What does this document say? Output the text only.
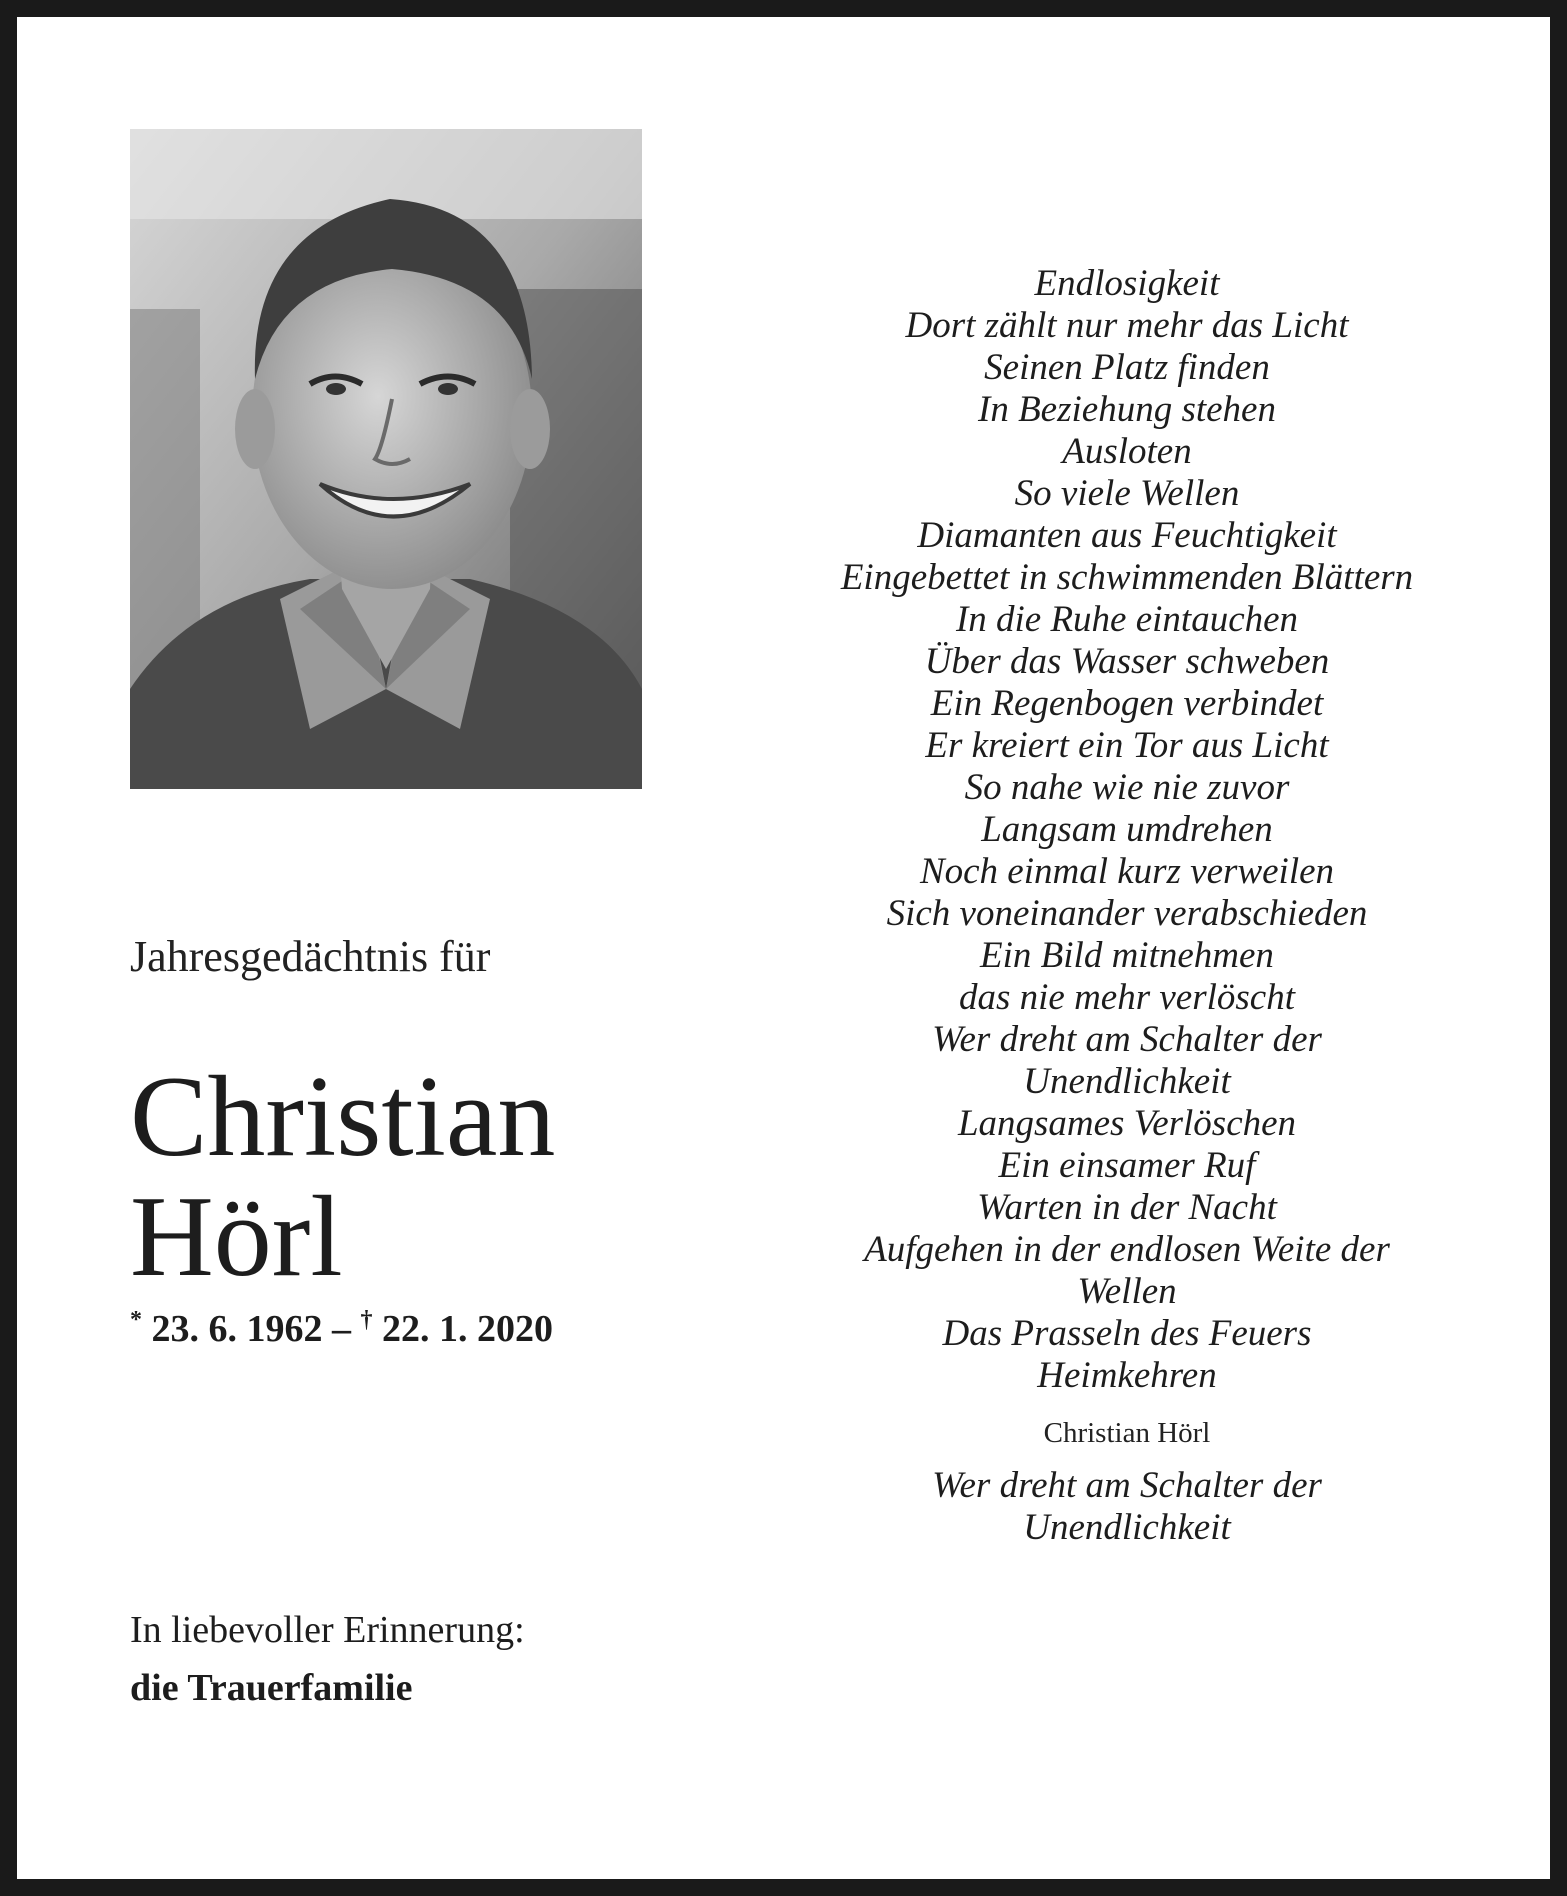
Jahresgedächtnis für
Christian
Hörl
* 23. 6. 1962 – † 22. 1. 2020
In liebevoller Erinnerung:
die Trauerfamilie
Endlosigkeit
Dort zählt nur mehr das Licht
Seinen Platz finden
In Beziehung stehen
Ausloten
So viele Wellen
Diamanten aus Feuchtigkeit
Eingebettet in schwimmenden Blättern
In die Ruhe eintauchen
Über das Wasser schweben
Ein Regenbogen verbindet
Er kreiert ein Tor aus Licht
So nahe wie nie zuvor
Langsam umdrehen
Noch einmal kurz verweilen
Sich voneinander verabschieden
Ein Bild mitnehmen
das nie mehr verlöscht
Wer dreht am Schalter der
Unendlichkeit
Langsames Verlöschen
Ein einsamer Ruf
Warten in der Nacht
Aufgehen in der endlosen Weite der
Wellen
Das Prasseln des Feuers
Heimkehren
Christian Hörl
Wer dreht am Schalter der
Unendlichkeit
